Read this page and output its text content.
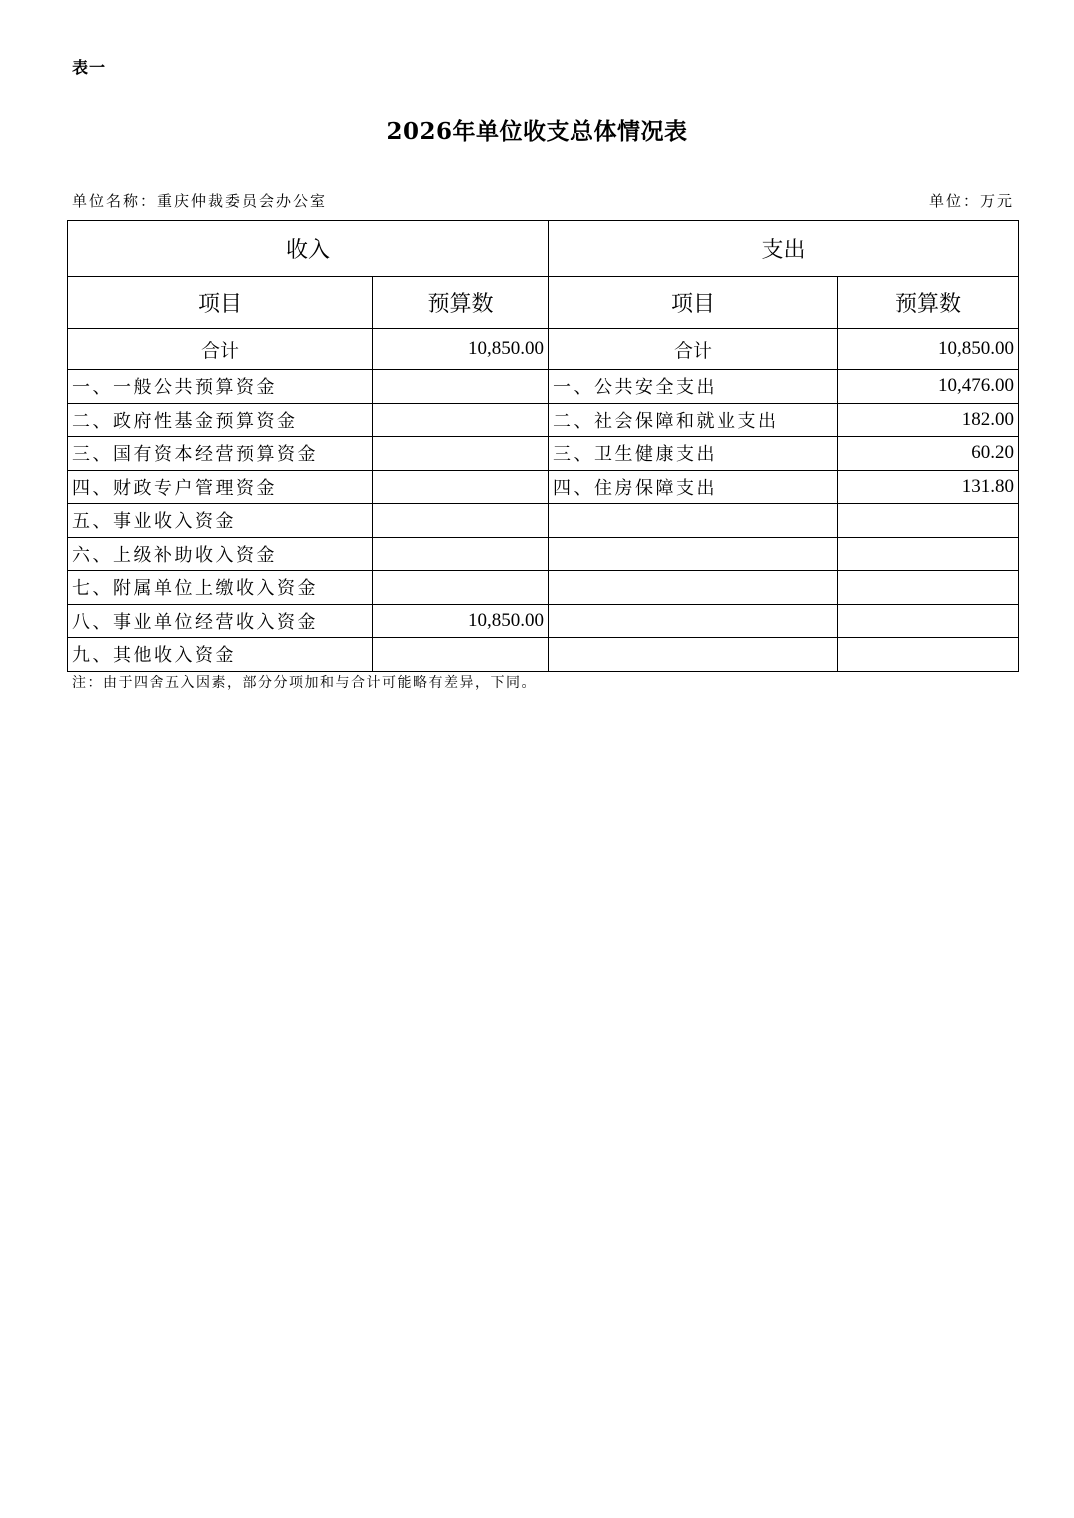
表一
2026年单位收支总体情况表
单位名称：重庆仲裁委员会办公室	单位：万元
收入		支出	
项目	预算数	项目	预算数
合计	10,850.00	合计	10,850.00
一、一般公共预算资金		一、公共安全支出	10,476.00
二、政府性基金预算资金		二、社会保障和就业支出	182.00
三、国有资本经营预算资金		三、卫生健康支出	60.20
四、财政专户管理资金		四、住房保障支出	131.80
五、事业收入资金			
六、上级补助收入资金			
七、附属单位上缴收入资金			
八、事业单位经营收入资金	10,850.00		
九、其他收入资金			
注：由于四舍五入因素，部分分项加和与合计可能略有差异，下同。
